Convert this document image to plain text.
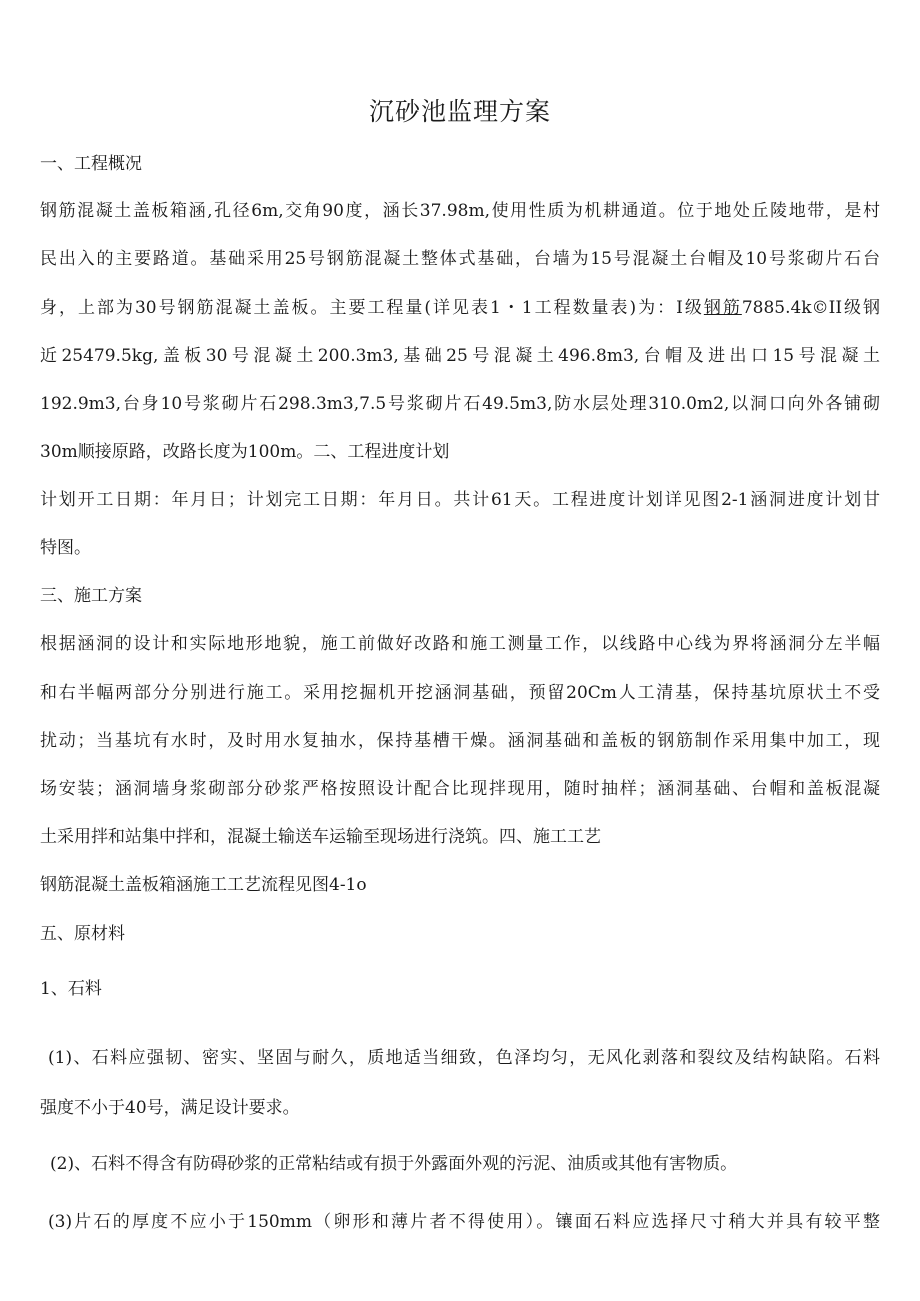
沉砂池监理方案
一、工程概况
钢筋混凝土盖板箱涵,孔径6m,交角90度，涵长37.98m,使用性质为机耕通道。位于地处丘陵地带，是村
民出入的主要路道。基础采用25号钢筋混凝土整体式基础，台墙为15号混凝土台帽及10号浆砌片石台
身，上部为30号钢筋混凝土盖板。主要工程量(详见表1・1工程数量表)为：I级钢筋7885.4k©II级钢
近25479.5kg,盖板30号混凝土200.3m3,基础25号混凝土496.8m3,台帽及进出口15号混凝土
192.9m3,台身10号浆砌片石298.3m3,7.5号浆砌片石49.5m3,防水层处理310.0m2,以洞口向外各铺砌
30m顺接原路，改路长度为100m。二、工程进度计划
计划开工日期：年月日；计划完工日期：年月日。共计61天。工程进度计划详见图2-1涵洞进度计划甘
特图。
三、施工方案
根据涵洞的设计和实际地形地貌，施工前做好改路和施工测量工作，以线路中心线为界将涵洞分左半幅
和右半幅两部分分别进行施工。采用挖掘机开挖涵洞基础，预留20Cm人工清基，保持基坑原状土不受
扰动；当基坑有水时，及时用水复抽水，保持基槽干燥。涵洞基础和盖板的钢筋制作采用集中加工，现
场安装；涵洞墙身浆砌部分砂浆严格按照设计配合比现拌现用，随时抽样；涵洞基础、台帽和盖板混凝
土采用拌和站集中拌和，混凝土输送车运输至现场进行浇筑。四、施工工艺
钢筋混凝土盖板箱涵施工工艺流程见图4-1o
五、原材料
1、石料
(1)、石料应强韧、密实、坚固与耐久，质地适当细致，色泽均匀，无风化剥落和裂纹及结构缺陷。石料
强度不小于40号，满足设计要求。
(2)、石料不得含有防碍砂浆的正常粘结或有损于外露面外观的污泥、油质或其他有害物质。
(3)片石的厚度不应小于150mm（卵形和薄片者不得使用）。镶面石料应选择尺寸稍大并具有较平整
